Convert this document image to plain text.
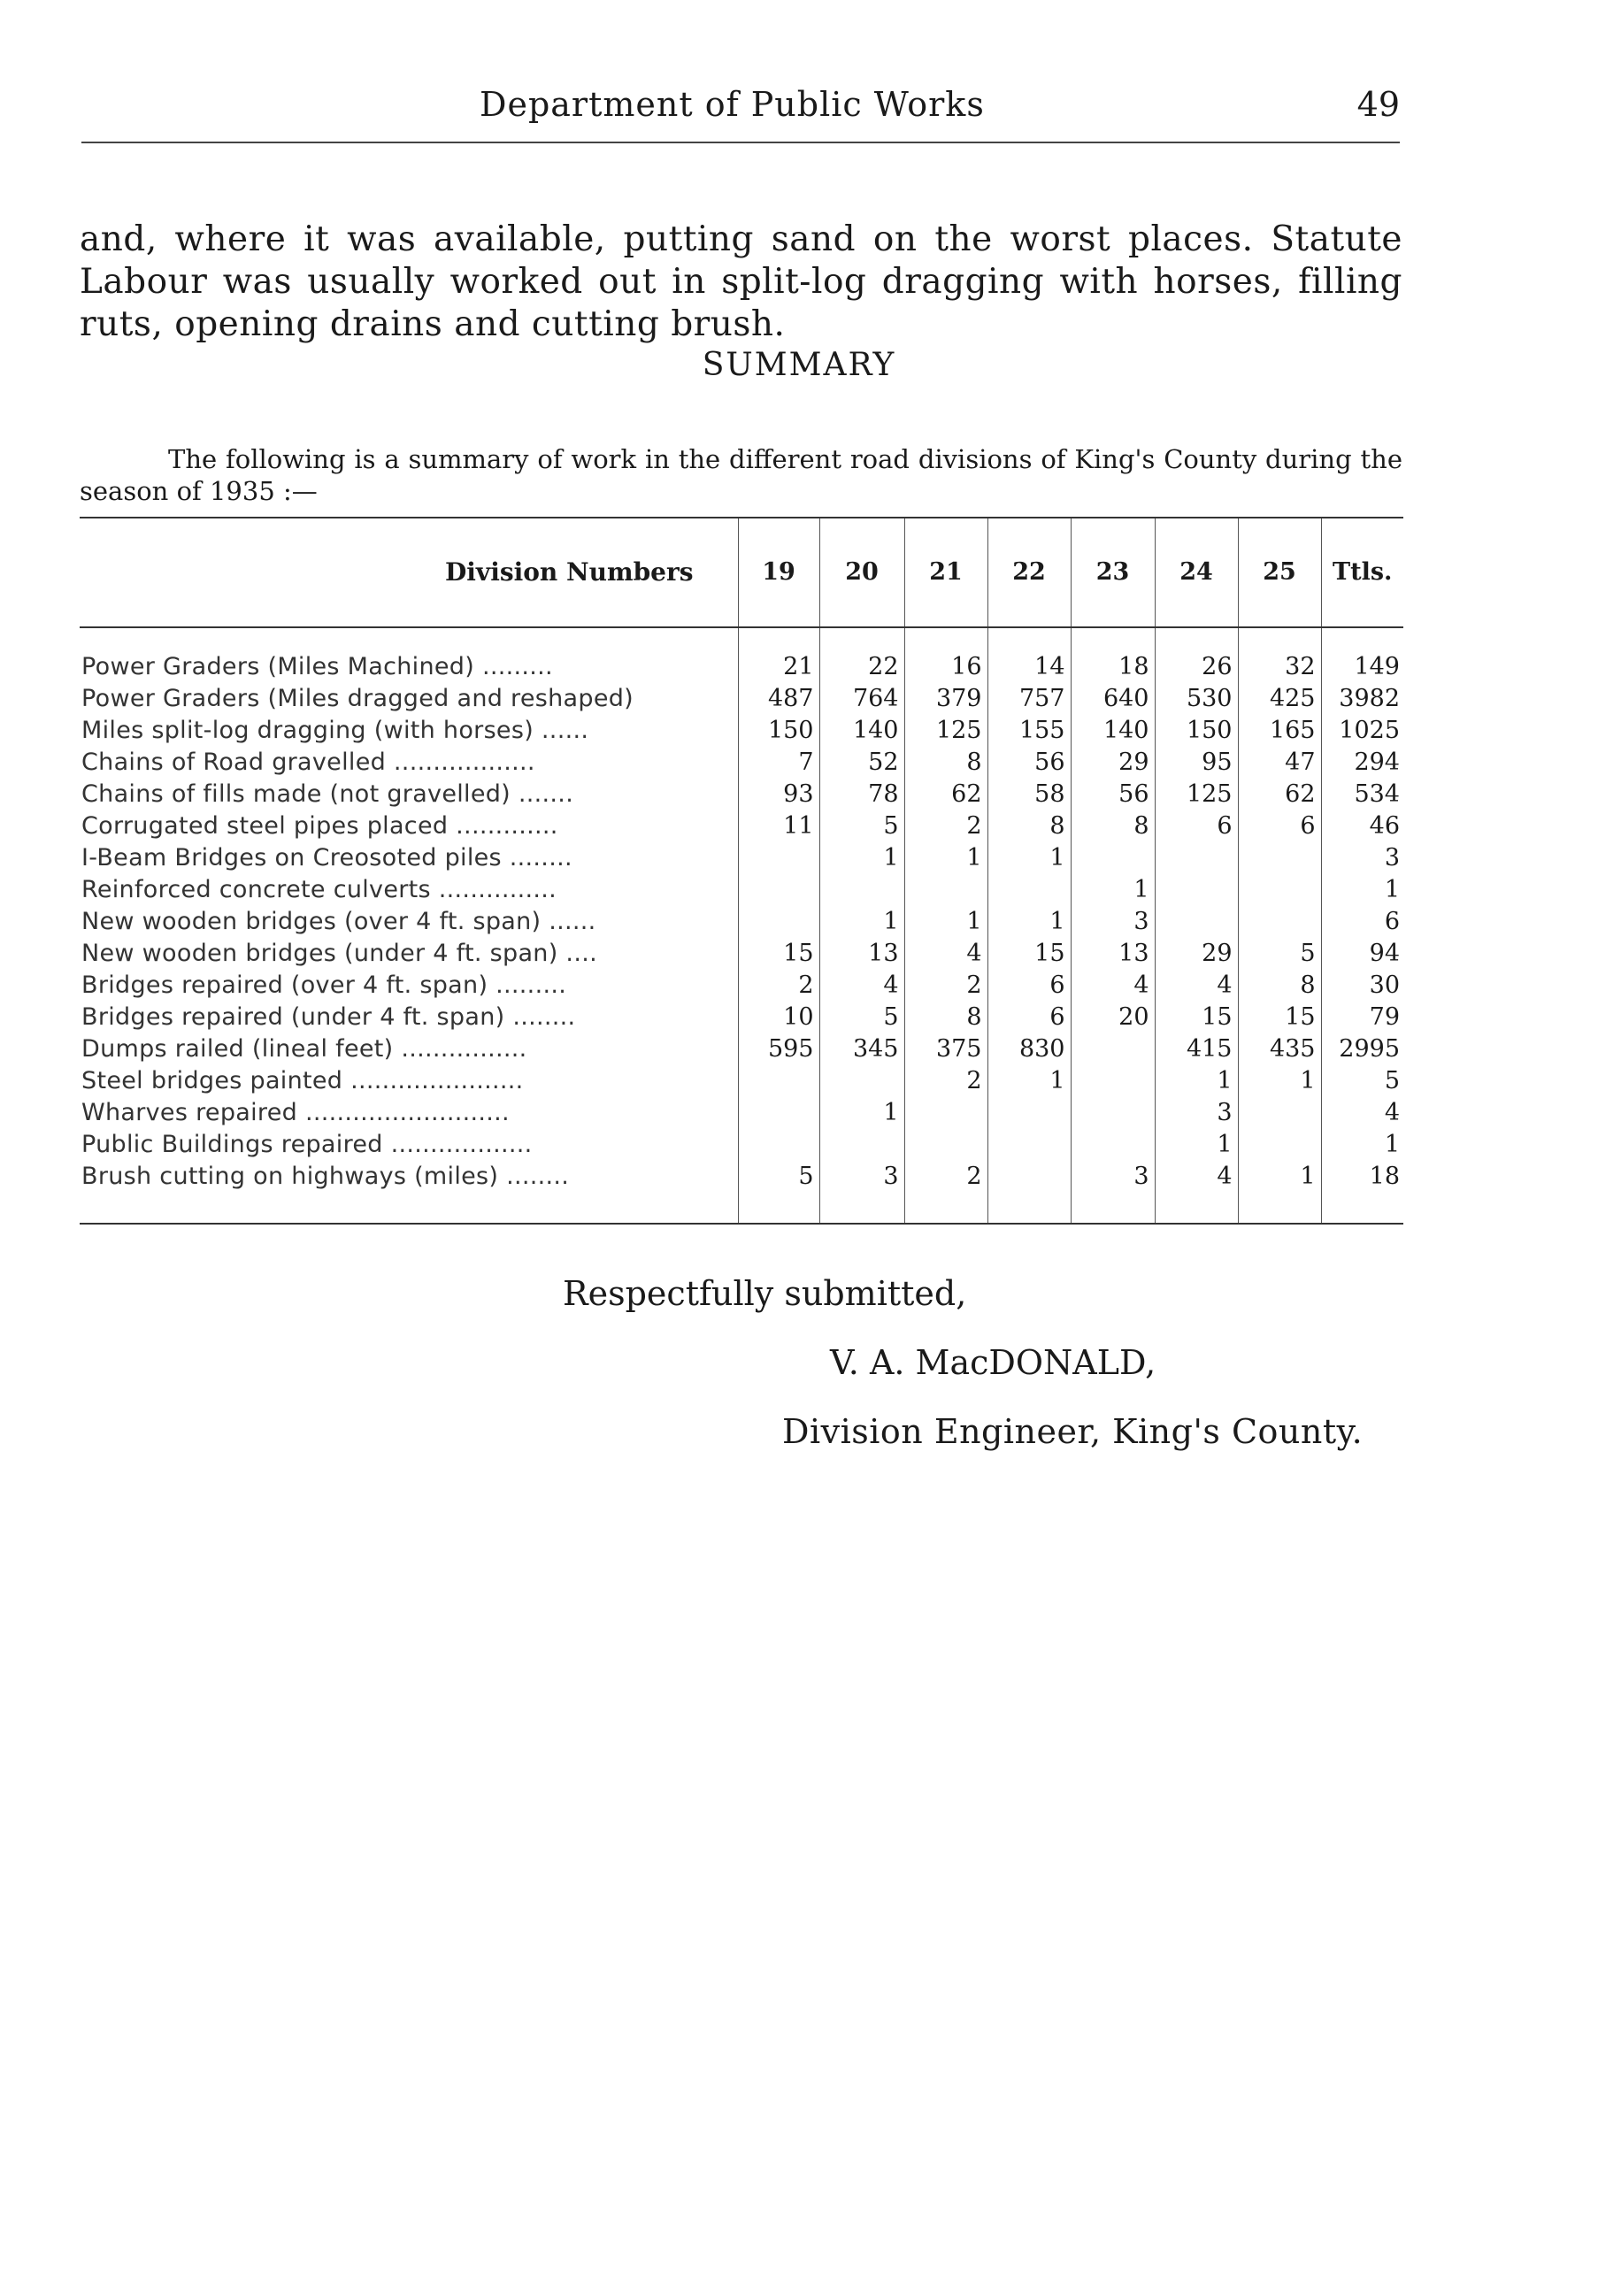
Department of Public Works	49

and, where it was available, putting sand on the worst places. Statute Labour was usually worked out in split-log dragging with horses, filling ruts, opening drains and cutting brush.

SUMMARY

The following is a summary of work in the different road divisions of King's County during the season of 1935 :—

Division Numbers	19	20	21	22	23	24	25	Ttls.

Power Graders (Miles Machined) .........	21	22	16	14	18	26	32	149
Power Graders (Miles dragged and reshaped)	487	764	379	757	640	530	425	3982
Miles split-log dragging (with horses) ......	150	140	125	155	140	150	165	1025
Chains of Road gravelled ..................	7	52	8	56	29	95	47	294
Chains of fills made (not gravelled) .......	93	78	62	58	56	125	62	534
Corrugated steel pipes placed .............	11	5	2	8	8	6	6	46
I-Beam Bridges on Creosoted piles ........		1	1	1				3
Reinforced concrete culverts ...............					1			1
New wooden bridges (over 4 ft. span) ......		1	1	1	3			6
New wooden bridges (under 4 ft. span) ....	15	13	4	15	13	29	5	94
Bridges repaired (over 4 ft. span) .........	2	4	2	6	4	4	8	30
Bridges repaired (under 4 ft. span) ........	10	5	8	6	20	15	15	79
Dumps railed (lineal feet) ................	595	345	375	830		415	435	2995
Steel bridges painted ......................			2	1		1	1	5
Wharves repaired ..........................		1				3		4
Public Buildings repaired ..................						1		1
Brush cutting on highways (miles) ........	5	3	2		3	4	1	18

Respectfully submitted,
V. A. MacDONALD,
Division Engineer, King's County.
